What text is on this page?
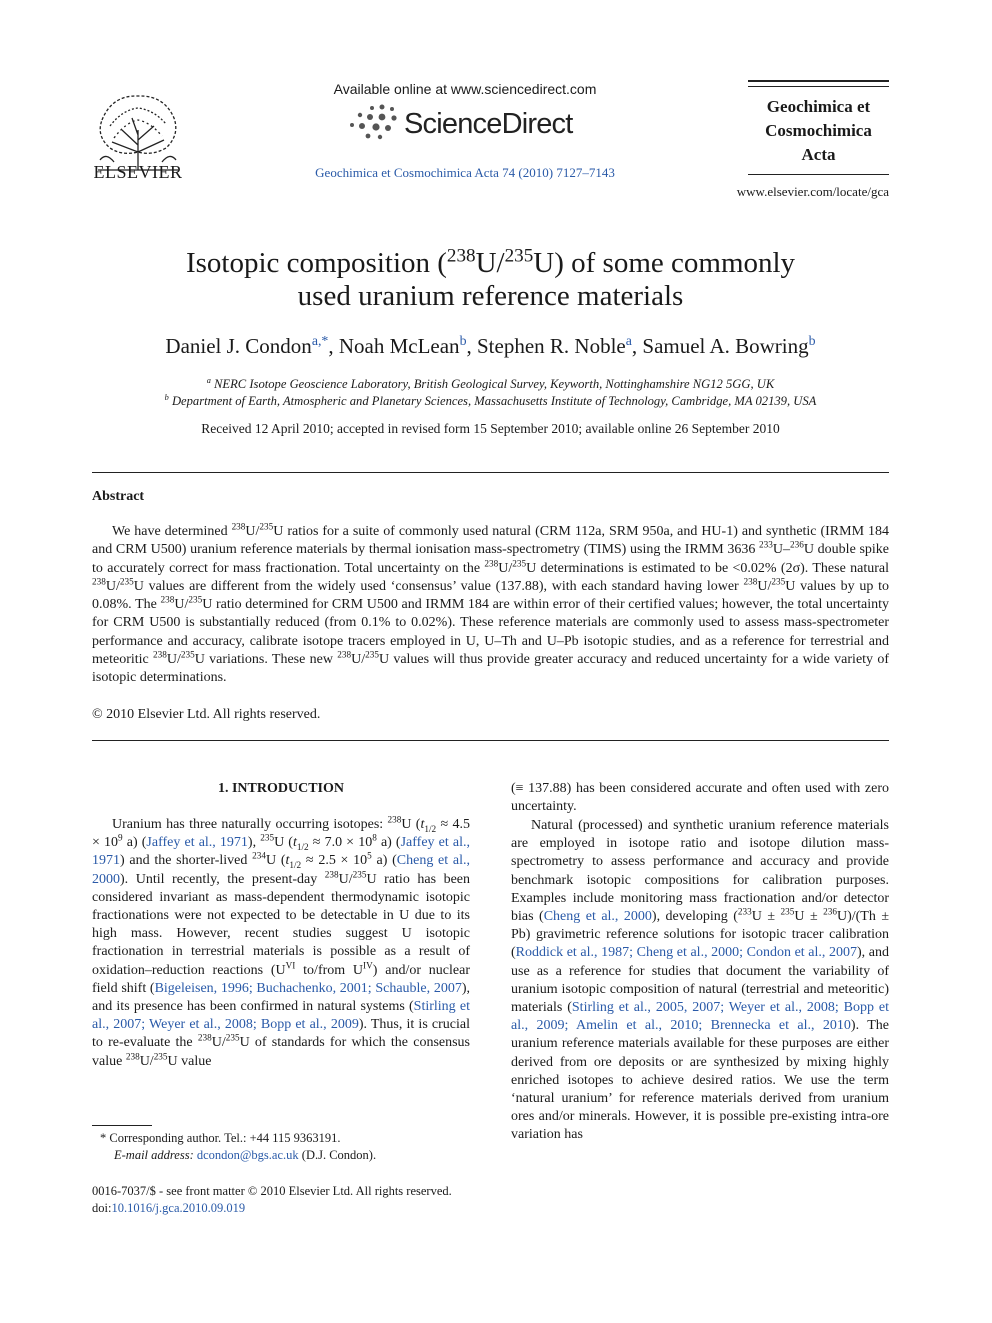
ELSEVIER
Available online at www.sciencedirect.com
ScienceDirect
Geochimica et Cosmochimica Acta 74 (2010) 7127–7143
Geochimica et
Cosmochimica
Acta
www.elsevier.com/locate/gca
Isotopic composition ($^{238}$U/$^{235}$U) of some commonly
used uranium reference materials
Daniel J. Condon$^{a,*}$, Noah McLean$^b$, Stephen R. Noble$^a$, Samuel A. Bowring$^b$
$^a$ NERC Isotope Geoscience Laboratory, British Geological Survey, Keyworth, Nottinghamshire NG12 5GG, UK
$^b$ Department of Earth, Atmospheric and Planetary Sciences, Massachusetts Institute of Technology, Cambridge, MA 02139, USA
Received 12 April 2010; accepted in revised form 15 September 2010; available online 26 September 2010
Abstract
We have determined $^{238}$U/$^{235}$U ratios for a suite of commonly used natural (CRM 112a, SRM 950a, and HU-1) and synthetic (IRMM 184 and CRM U500) uranium reference materials by thermal ionisation mass-spectrometry (TIMS) using the IRMM 3636 $^{233}$U–$^{236}$U double spike to accurately correct for mass fractionation. Total uncertainty on the $^{238}$U/$^{235}$U determinations is estimated to be <0.02% (2σ). These natural $^{238}$U/$^{235}$U values are different from the widely used ‘consensus’ value (137.88), with each standard having lower $^{238}$U/$^{235}$U values by up to 0.08%. The $^{238}$U/$^{235}$U ratio determined for CRM U500 and IRMM 184 are within error of their certified values; however, the total uncertainty for CRM U500 is substantially reduced (from 0.1% to 0.02%). These reference materials are commonly used to assess mass-spectrometer performance and accuracy, calibrate isotope tracers employed in U, U–Th and U–Pb isotopic studies, and as a reference for terrestrial and meteoritic $^{238}$U/$^{235}$U variations. These new $^{238}$U/$^{235}$U values will thus provide greater accuracy and reduced uncertainty for a wide variety of isotopic determinations.
© 2010 Elsevier Ltd. All rights reserved.
1. INTRODUCTION
Uranium has three naturally occurring isotopes: $^{238}$U ($t_{1/2} \approx 4.5 \times 10^9$ a) (Jaffey et al., 1971), $^{235}$U ($t_{1/2} \approx 7.0 \times 10^8$ a) (Jaffey et al., 1971) and the shorter-lived $^{234}$U ($t_{1/2} \approx 2.5 \times 10^5$ a) (Cheng et al., 2000). Until recently, the present-day $^{238}$U/$^{235}$U ratio has been considered invariant as mass-dependent thermodynamic isotopic fractionations were not expected to be detectable in U due to its high mass. However, recent studies suggest U isotopic fractionation in terrestrial materials is possible as a result of oxidation–reduction reactions ($U^{VI}$ to/from $U^{IV}$) and/or nuclear field shift (Bigeleisen, 1996; Buchachenko, 2001; Schauble, 2007), and its presence has been confirmed in natural systems (Stirling et al., 2007; Weyer et al., 2008; Bopp et al., 2009). Thus, it is crucial to re-evaluate the $^{238}$U/$^{235}$U of standards for which the consensus value $^{238}$U/$^{235}$U value
(≡ 137.88) has been considered accurate and often used with zero uncertainty.
Natural (processed) and synthetic uranium reference materials are employed in isotope ratio and isotope dilution mass-spectrometry to assess performance and accuracy and provide benchmark isotopic compositions for calibration purposes. Examples include monitoring mass fractionation and/or detector bias (Cheng et al., 2000), developing ($^{233}$U ± $^{235}$U ± $^{236}$U)/(Th ± Pb) gravimetric reference solutions for isotopic tracer calibration (Roddick et al., 1987; Cheng et al., 2000; Condon et al., 2007), and use as a reference for studies that document the variability of uranium isotopic composition of natural (terrestrial and meteoritic) materials (Stirling et al., 2005, 2007; Weyer et al., 2008; Bopp et al., 2009; Amelin et al., 2010; Brennecka et al., 2010). The uranium reference materials available for these purposes are either derived from ore deposits or are synthesized by mixing highly enriched isotopes to achieve desired ratios. We use the term ‘natural uranium’ for reference materials derived from uranium ores and/or minerals. However, it is possible pre-existing intra-ore variation has
* Corresponding author. Tel.: +44 115 9363191.
E-mail address: dcondon@bgs.ac.uk (D.J. Condon).
0016-7037/$ - see front matter © 2010 Elsevier Ltd. All rights reserved.
doi:10.1016/j.gca.2010.09.019
